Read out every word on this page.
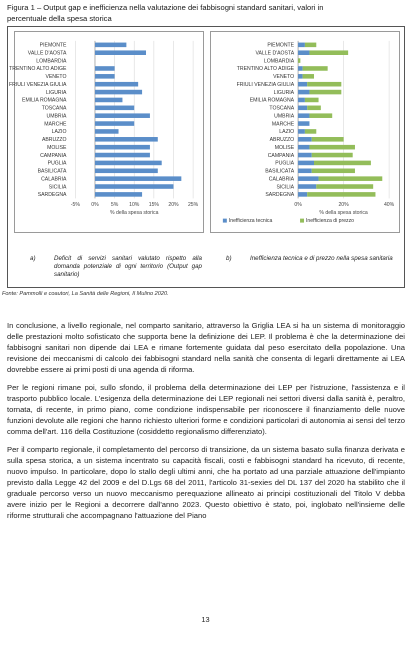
Figura 1 – Output gap e inefficienza nella valutazione dei fabbisogni standard sanitari, valori in
percentuale della spesa storica
-5% 0% 5% 10% 15% 20% 25%
PIEMONTE
VALLE D'AOSTA
LOMBARDIA
TRENTINO ALTO ADIGE
VENETO
FRIULI VENEZIA GIULIA
LIGURIA
EMILIA ROMAGNA
TOSCANA
UMBRIA
MARCHE
LAZIO
ABRUZZO
MOLISE
CAMPANIA
PUGLIA
BASILICATA
CALABRIA
SICILIA
SARDEGNA
% della spesa storica
0%	20%	40%
PIEMONTE
VALLE D'AOSTA
LOMBARDIA
TRENTINO ALTO ADIGE
VENETO
FRIULI VENEZIA GIULIA
LIGURIA
EMILIA ROMAGNA
TOSCANA
UMBRIA
MARCHE
LAZIO
ABRUZZO
MOLISE
CAMPANIA
PUGLIA
BASILICATA
CALABRIA
SICILIA
SARDEGNA
% della spesa storica
Inefficienza tecnica	Inefficienza di prezzo
a)	Deficit di servizi sanitari valutato rispetto alla domanda potenziale di ogni territorio (Output gap sanitario)
b)	Inefficienza tecnica e di prezzo nella spesa sanitaria
Fonte: Pammolli e coautori, La Sanità delle Regioni, Il Mulino 2020.

In conclusione, a livello regionale, nel comparto sanitario, attraverso la Griglia LEA si ha un sistema di monitoraggio delle prestazioni molto sofisticato che supporta bene la definizione dei LEP. Il problema è che la determinazione dei fabbisogni sanitari non dipende dai LEA e rimane fortemente guidata dal peso esercitato della popolazione. Una revisione dei meccanismi di calcolo dei fabbisogni standard nella sanità che consenta di legarli direttamente ai LEA dovrebbe essere ai primi posti di una agenda di riforma.

Per le regioni rimane poi, sullo sfondo, il problema della determinazione dei LEP per l'istruzione, l'assistenza e il trasporto pubblico locale. L'esigenza della determinazione dei LEP regionali nei settori diversi dalla sanità è, peraltro, tornata, di recente, in primo piano, come condizione indispensabile per riconoscere il finanziamento delle nuove funzioni devolute alle regioni che hanno richiesto ulteriori forme e condizioni particolari di autonomia ai sensi del terzo comma dell'art. 116 della Costituzione (cosiddetto regionalismo differenziato).

Per il comparto regionale, il completamento del percorso di transizione, da un sistema basato sulla finanza derivata e sulla spesa storica, a un sistema incentrato su capacità fiscali, costi e fabbisogni standard ha ricevuto, di recente, nuovo impulso. In particolare, dopo lo stallo degli ultimi anni, che ha portato ad una parziale attuazione dell'impianto previsto dalla Legge 42 del 2009 e del D.Lgs 68 del 2011, l'articolo 31-sexies del DL 137 del 2020 ha stabilito che il graduale percorso verso un nuovo meccanismo perequazione allineato ai principi costituzionali del Titolo V debba avere inizio per le Regioni a decorrere dall'anno 2023. Questo obiettivo è stato, poi, inglobato nell'insieme delle riforme strutturali che accompagnano l'attuazione del Piano

13
